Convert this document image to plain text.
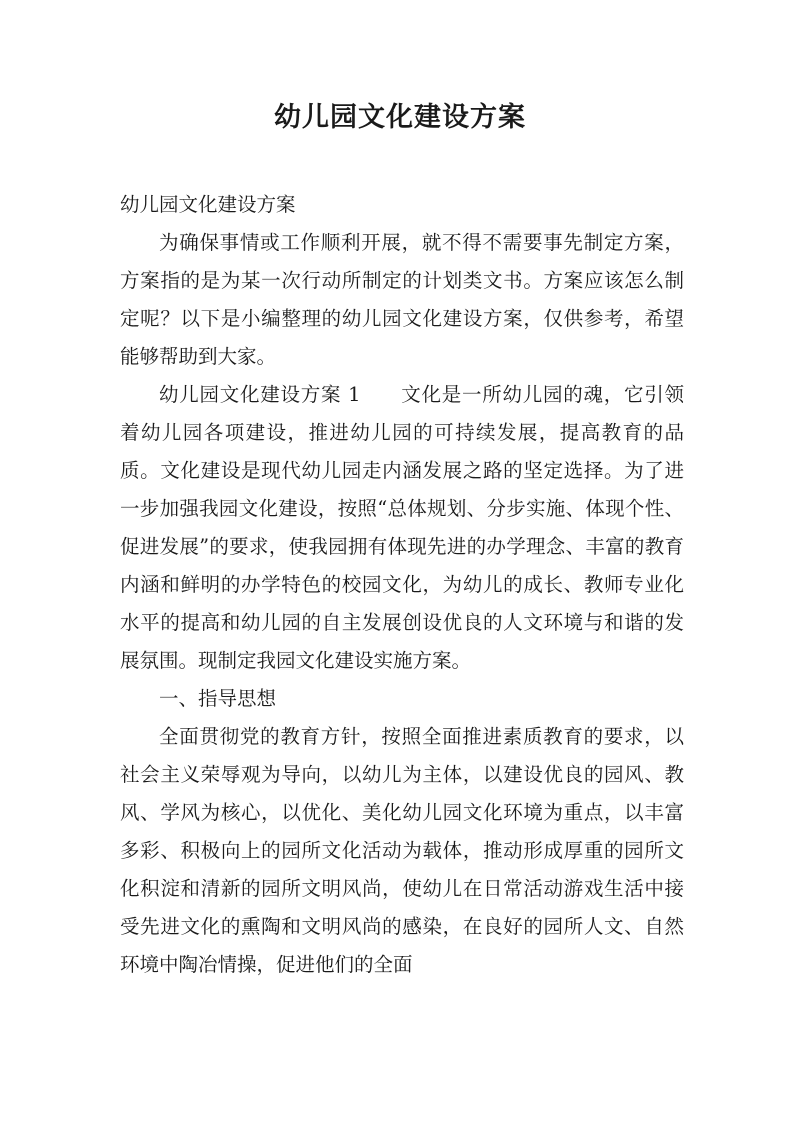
幼儿园文化建设方案

幼儿园文化建设方案

为确保事情或工作顺利开展，就不得不需要事先制定方案，方案指的是为某一次行动所制定的计划类文书。方案应该怎么制定呢？以下是小编整理的幼儿园文化建设方案，仅供参考，希望能够帮助到大家。

幼儿园文化建设方案 1 文化是一所幼儿园的魂，它引领着幼儿园各项建设，推进幼儿园的可持续发展，提高教育的品质。文化建设是现代幼儿园走内涵发展之路的坚定选择。为了进一步加强我园文化建设，按照“总体规划、分步实施、体现个性、促进发展”的要求，使我园拥有体现先进的办学理念、丰富的教育内涵和鲜明的办学特色的校园文化，为幼儿的成长、教师专业化水平的提高和幼儿园的自主发展创设优良的人文环境与和谐的发展氛围。现制定我园文化建设实施方案。

一、指导思想

全面贯彻党的教育方针，按照全面推进素质教育的要求，以社会主义荣辱观为导向，以幼儿为主体，以建设优良的园风、教风、学风为核心，以优化、美化幼儿园文化环境为重点，以丰富多彩、积极向上的园所文化活动为载体，推动形成厚重的园所文化积淀和清新的园所文明风尚，使幼儿在日常活动游戏生活中接受先进文化的熏陶和文明风尚的感染，在良好的园所人文、自然环境中陶冶情操，促进他们的全面
